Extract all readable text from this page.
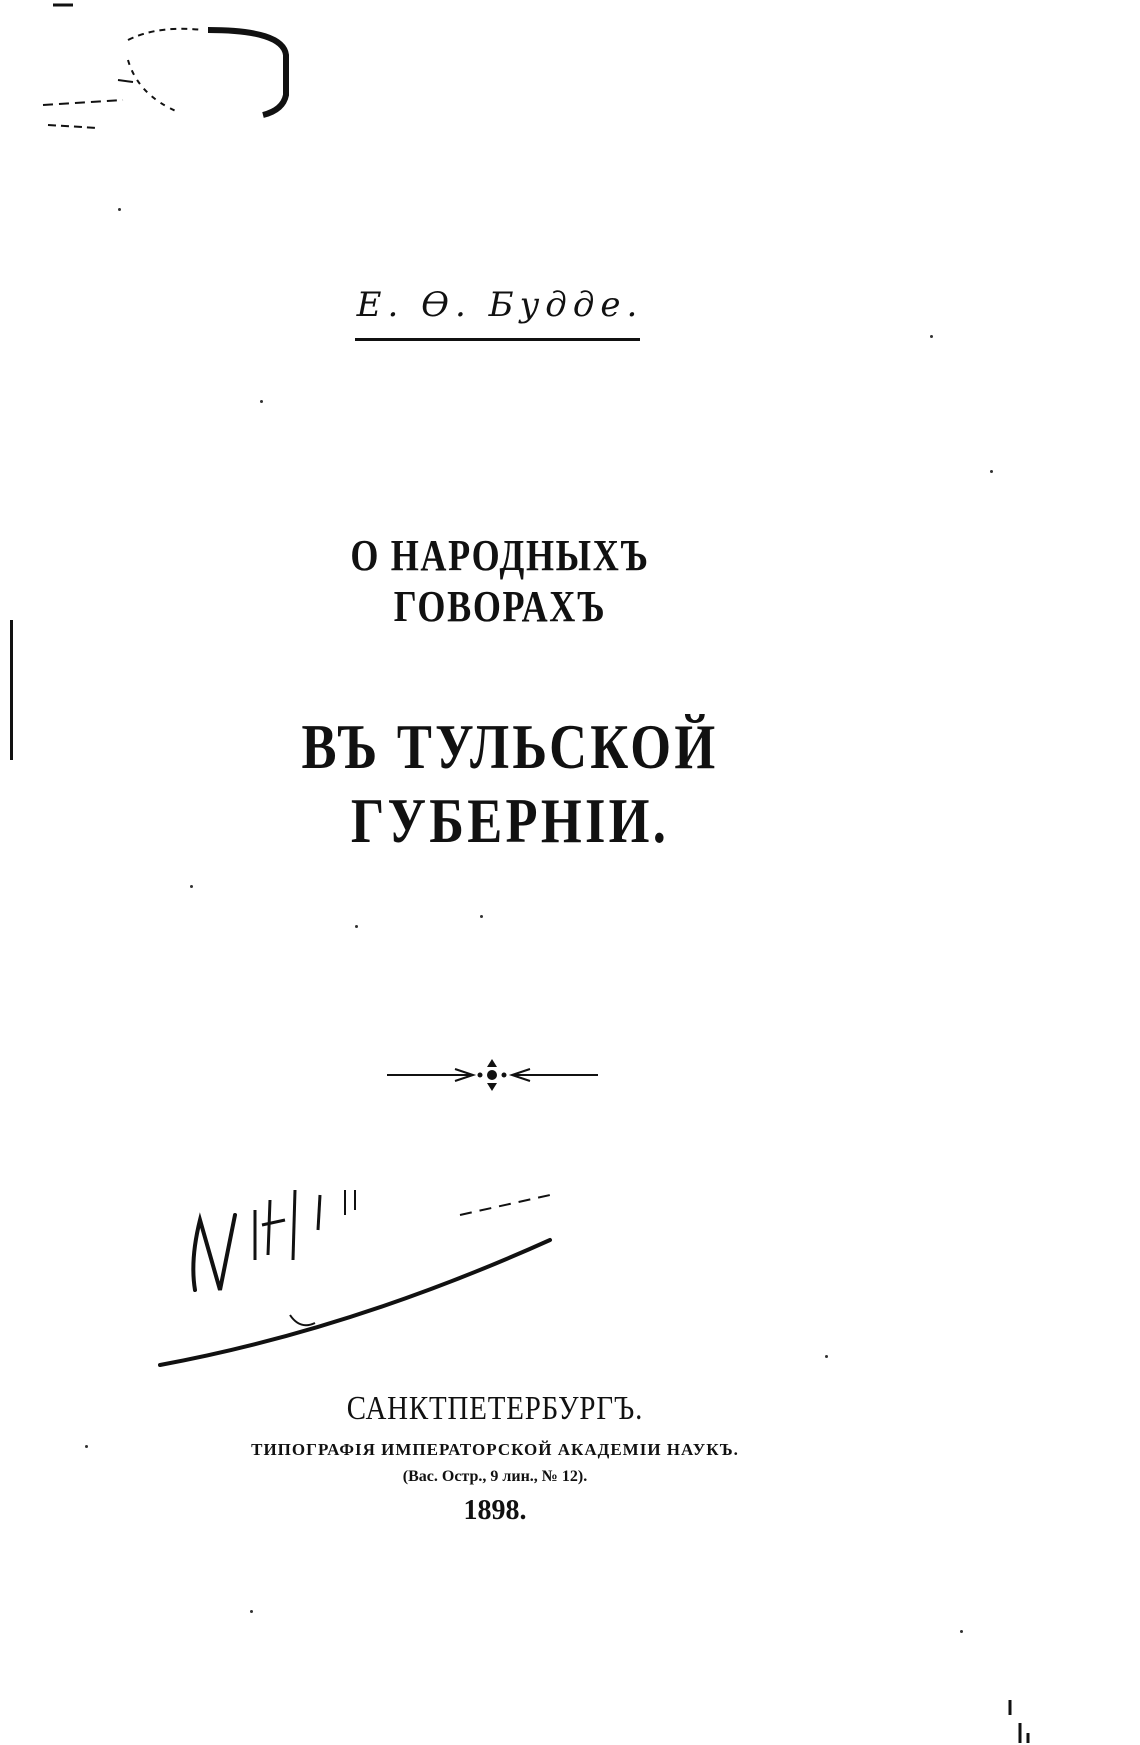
Е. Ѳ. Будде.
О НАРОДНЫХЪ ГОВОРАХЪ
ВЪ ТУЛЬСКОЙ ГУБЕРНІИ.
САНКТПЕТЕРБУРГЪ.
ТИПОГРАФІЯ ИМПЕРАТОРСКОЙ АКАДЕМІИ НАУКЪ.
(Вас. Остр., 9 лин., № 12).
1898.
